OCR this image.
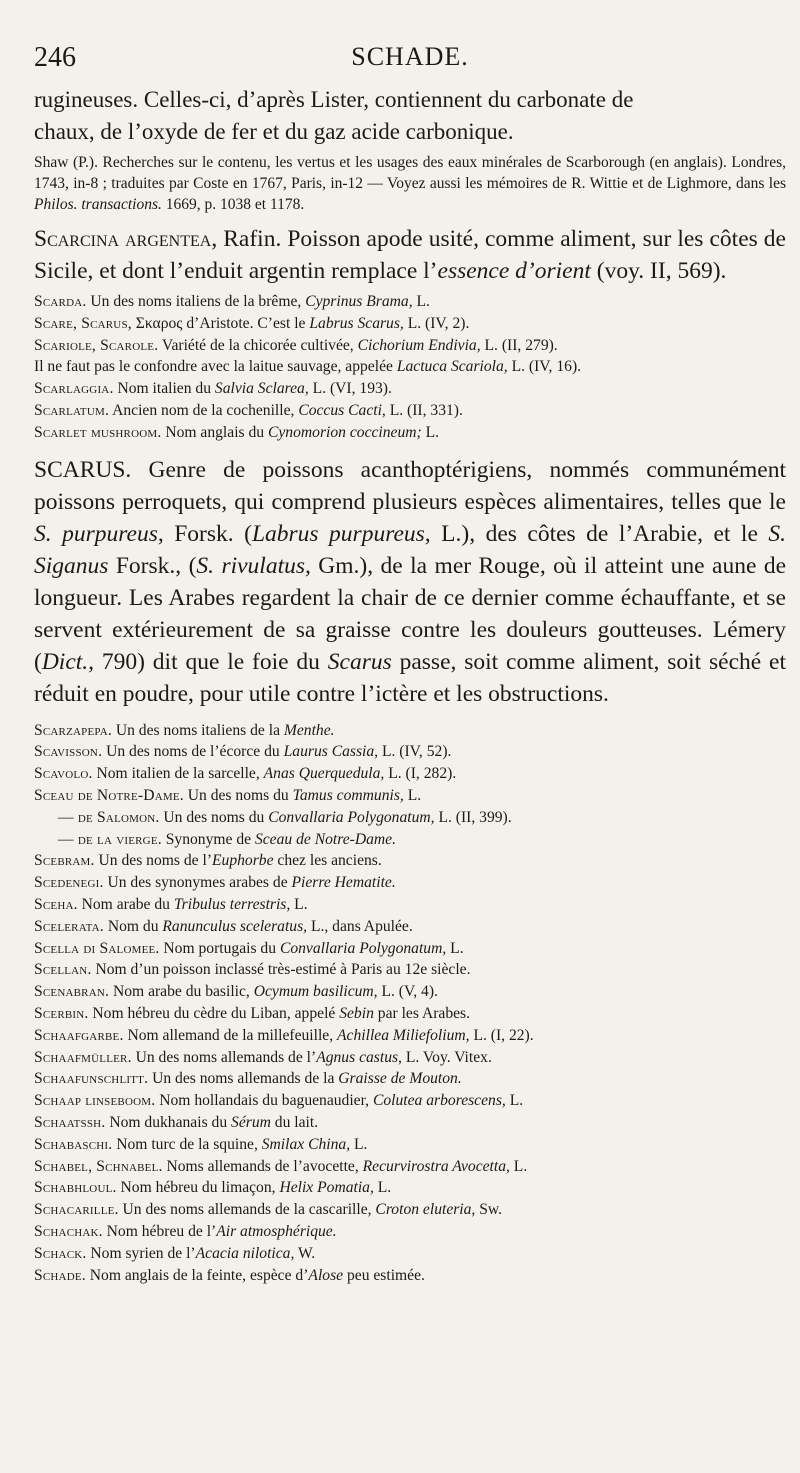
246	SCHADE.

rugineuses. Celles-ci, d’après Lister, contiennent du carbonate de

chaux, de l’oxyde de fer et du gaz acide carbonique.

Shaw (P.). Recherches sur le contenu, les vertus et les usages des eaux minérales de Scarborough (en anglais). Londres, 1743, in-8 ; traduites par Coste en 1767, Paris, in-12 — Voyez aussi les mémoires de R. Wittie et de Lighmore, dans les Philos. transactions. 1669, p. 1038 et 1178.

Scarcina argentea, Rafin. Poisson apode usité, comme aliment, sur les côtes de Sicile, et dont l’enduit argentin remplace l’essence d’orient (voy. II, 569).

Scarda. Un des noms italiens de la brême, Cyprinus Brama, L.

Scare, Scarus, Σκαρος d’Aristote. C’est le Labrus Scarus, L. (IV, 2).

Scariole, Scarole. Variété de la chicorée cultivée, Cichorium Endivia, L. (II, 279).

Il ne faut pas le confondre avec la laitue sauvage, appelée Lactuca Scariola, L. (IV, 16).

Scarlaggia. Nom italien du Salvia Sclarea, L. (VI, 193).

Scarlatum. Ancien nom de la cochenille, Coccus Cacti, L. (II, 331).

Scarlet mushroom. Nom anglais du Cynomorion coccineum; L.

SCARUS. Genre de poissons acanthoptérigiens, nommés communément poissons perroquets, qui comprend plusieurs espèces alimentaires, telles que le S. purpureus, Forsk. (Labrus purpureus, L.), des côtes de l’Arabie, et le S. Siganus Forsk., (S. rivulatus, Gm.), de la mer Rouge, où il atteint une aune de longueur. Les Arabes regardent la chair de ce dernier comme échauffante, et se servent extérieurement de sa graisse contre les douleurs goutteuses. Lémery (Dict., 790) dit que le foie du Scarus passe, soit comme aliment, soit séché et réduit en poudre, pour utile contre l’ictère et les obstructions.

Scarzapepa. Un des noms italiens de la Menthe.

Scavisson. Un des noms de l’écorce du Laurus Cassia, L. (IV, 52).

Scavolo. Nom italien de la sarcelle, Anas Querquedula, L. (I, 282).

Sceau de Notre-Dame. Un des noms du Tamus communis, L.

— de Salomon. Un des noms du Convallaria Polygonatum, L. (II, 399).

— de la vierge. Synonyme de Sceau de Notre-Dame.

Scebram. Un des noms de l’Euphorbe chez les anciens.

Scedenegi. Un des synonymes arabes de Pierre Hematite.

Sceha. Nom arabe du Tribulus terrestris, L.

Scelerata. Nom du Ranunculus sceleratus, L., dans Apulée.

Scella di Salomee. Nom portugais du Convallaria Polygonatum, L.

Scellan. Nom d’un poisson inclassé très-estimé à Paris au 12e siècle.

Scenabran. Nom arabe du basilic, Ocymum basilicum, L. (V, 4).

Scerbin. Nom hébreu du cèdre du Liban, appelé Sebin par les Arabes.

Schaafgarbe. Nom allemand de la millefeuille, Achillea Miliefolium, L. (I, 22).

Schaafmüller. Un des noms allemands de l’Agnus castus, L. Voy. Vitex.

Schaafunschlitt. Un des noms allemands de la Graisse de Mouton.

Schaap linseboom. Nom hollandais du baguenaudier, Colutea arborescens, L.

Schaatssh. Nom dukhanais du Sérum du lait.

Schabaschi. Nom turc de la squine, Smilax China, L.

Schabel, Schnabel. Noms allemands de l’avocette, Recurvirostra Avocetta, L.

Schabhloul. Nom hébreu du limaçon, Helix Pomatia, L.

Schacarille. Un des noms allemands de la cascarille, Croton eluteria, Sw.

Schachak. Nom hébreu de l’Air atmosphérique.

Schack. Nom syrien de l’Acacia nilotica, W.

Schade. Nom anglais de la feinte, espèce d’Alose peu estimée.
